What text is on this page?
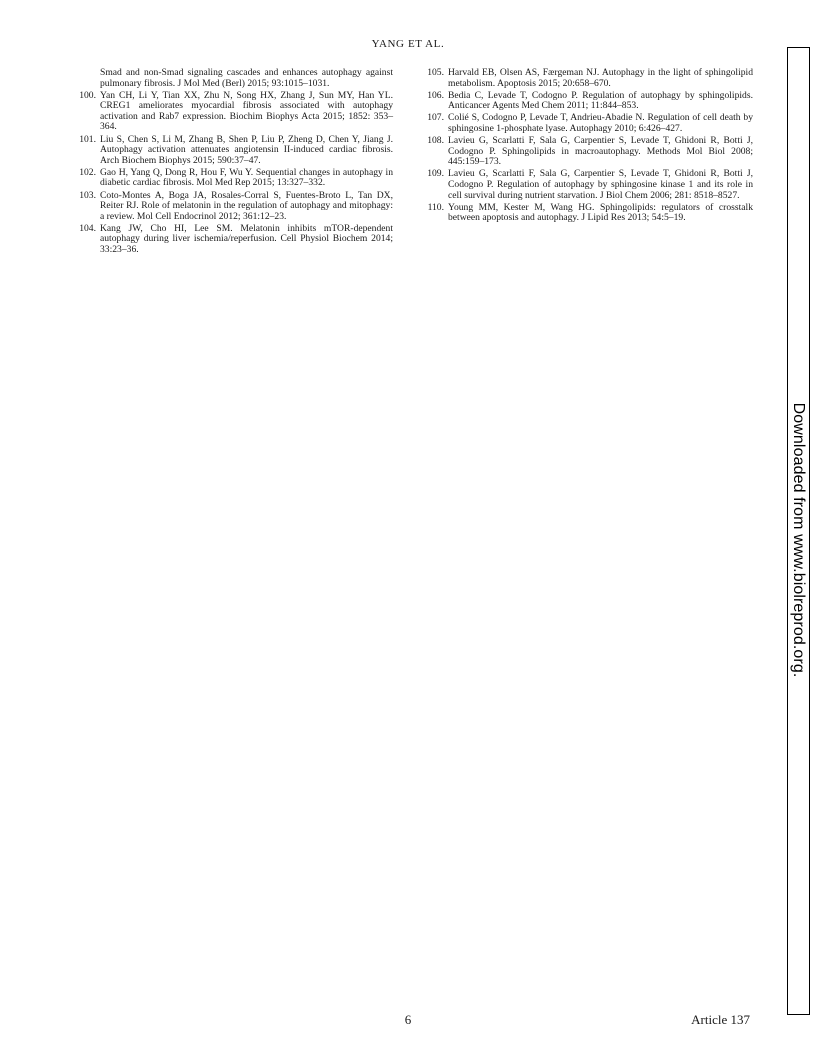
YANG ET AL.
Smad and non-Smad signaling cascades and enhances autophagy against pulmonary fibrosis. J Mol Med (Berl) 2015; 93:1015–1031.
100. Yan CH, Li Y, Tian XX, Zhu N, Song HX, Zhang J, Sun MY, Han YL. CREG1 ameliorates myocardial fibrosis associated with autophagy activation and Rab7 expression. Biochim Biophys Acta 2015; 1852: 353–364.
101. Liu S, Chen S, Li M, Zhang B, Shen P, Liu P, Zheng D, Chen Y, Jiang J. Autophagy activation attenuates angiotensin II-induced cardiac fibrosis. Arch Biochem Biophys 2015; 590:37–47.
102. Gao H, Yang Q, Dong R, Hou F, Wu Y. Sequential changes in autophagy in diabetic cardiac fibrosis. Mol Med Rep 2015; 13:327–332.
103. Coto-Montes A, Boga JA, Rosales-Corral S, Fuentes-Broto L, Tan DX, Reiter RJ. Role of melatonin in the regulation of autophagy and mitophagy: a review. Mol Cell Endocrinol 2012; 361:12–23.
104. Kang JW, Cho HI, Lee SM. Melatonin inhibits mTOR-dependent autophagy during liver ischemia/reperfusion. Cell Physiol Biochem 2014; 33:23–36.
105. Harvald EB, Olsen AS, Færgeman NJ. Autophagy in the light of sphingolipid metabolism. Apoptosis 2015; 20:658–670.
106. Bedia C, Levade T, Codogno P. Regulation of autophagy by sphingolipids. Anticancer Agents Med Chem 2011; 11:844–853.
107. Colié S, Codogno P, Levade T, Andrieu-Abadie N. Regulation of cell death by sphingosine 1-phosphate lyase. Autophagy 2010; 6:426–427.
108. Lavieu G, Scarlatti F, Sala G, Carpentier S, Levade T, Ghidoni R, Botti J, Codogno P. Sphingolipids in macroautophagy. Methods Mol Biol 2008; 445:159–173.
109. Lavieu G, Scarlatti F, Sala G, Carpentier S, Levade T, Ghidoni R, Botti J, Codogno P. Regulation of autophagy by sphingosine kinase 1 and its role in cell survival during nutrient starvation. J Biol Chem 2006; 281: 8518–8527.
110. Young MM, Kester M, Wang HG. Sphingolipids: regulators of crosstalk between apoptosis and autophagy. J Lipid Res 2013; 54:5–19.
Downloaded from www.biolreprod.org.
6	Article 137
